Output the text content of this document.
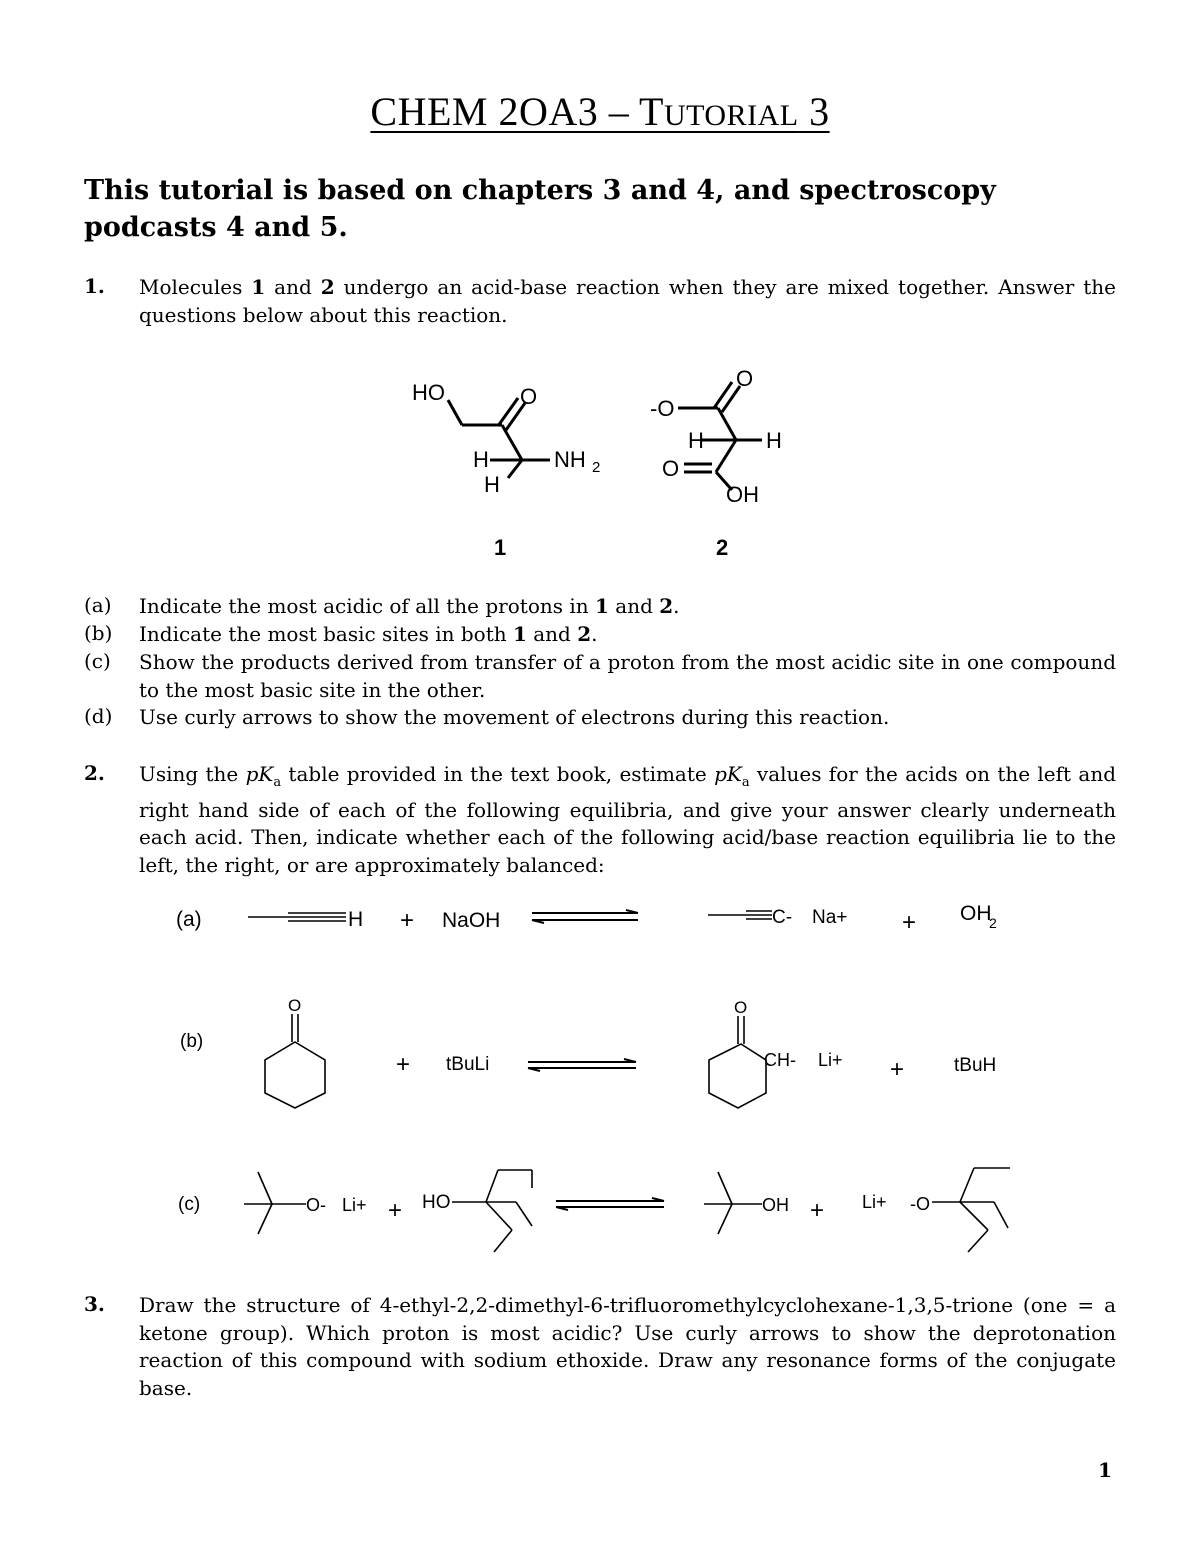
CHEM 2OA3 – TUTORIAL 3
This tutorial is based on chapters 3 and 4, and spectroscopy podcasts 4 and 5.
1. Molecules 1 and 2 undergo an acid-base reaction when they are mixed together. Answer the questions below about this reaction.
HO	O
H
H
NH 2
1
-O
O
H	H
O
OH
2
(a)	Indicate the most acidic of all the protons in 1 and 2.
(b)	Indicate the most basic sites in both 1 and 2.
(c)	Show the products derived from transfer of a proton from the most acidic site in one compound to the most basic site in the other.
(d)	Use curly arrows to show the movement of electrons during this reaction.
2. Using the $pK_a$ table provided in the text book, estimate $pK_a$ values for the acids on the left and right hand side of each of the following equilibria, and give your answer clearly underneath each acid. Then, indicate whether each of the following acid/base reaction equilibria lie to the left, the right, or are approximately balanced:
(a)	H + NaOH	C- Na+ + OH
2
(b)
O
+ tBuLi
O
CH- Li+ +	tBuH
(c)	O- Li+ + HO	OH + Li+ -O
3. Draw the structure of 4-ethyl-2,2-dimethyl-6-trifluoromethylcyclohexane-1,3,5-trione (one = a ketone group). Which proton is most acidic? Use curly arrows to show the deprotonation reaction of this compound with sodium ethoxide. Draw any resonance forms of the conjugate base.
1
